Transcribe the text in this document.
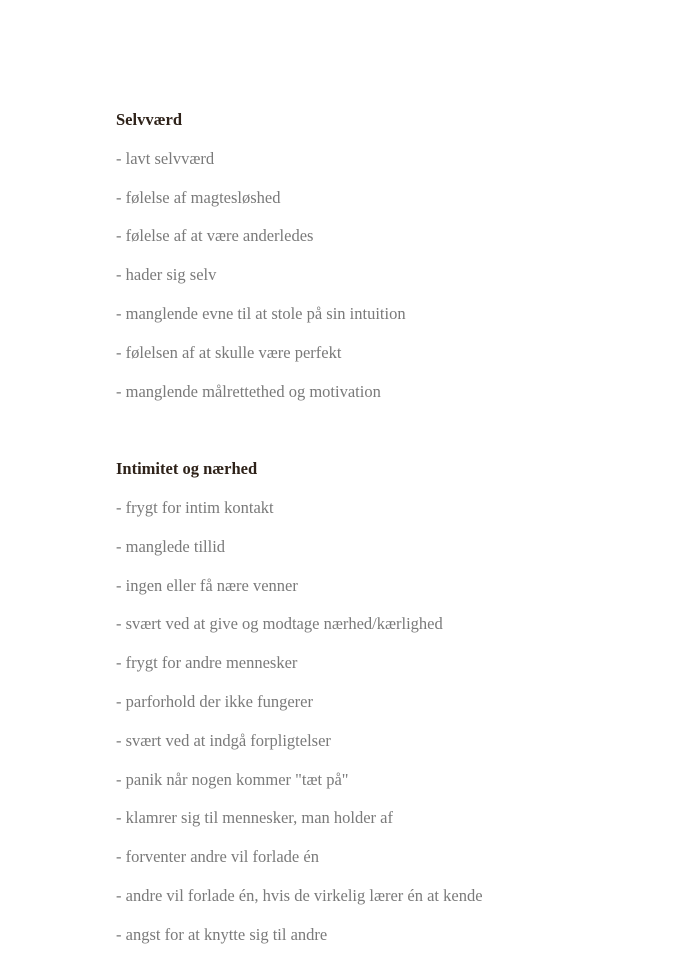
Selvværd
- lavt selvværd
- følelse af magtesløshed
- følelse af at være anderledes
- hader sig selv
- manglende evne til at stole på sin intuition
- følelsen af at skulle være perfekt
- manglende målrettethed og motivation
Intimitet og nærhed
- frygt for intim kontakt
- manglede tillid
- ingen eller få nære venner
- svært ved at give og modtage nærhed/kærlighed
- frygt for andre mennesker
- parforhold der ikke fungerer
- svært ved at indgå forpligtelser
- panik når nogen kommer "tæt på"
- klamrer sig til mennesker, man holder af
- forventer andre vil forlade én
- andre vil forlade én, hvis de virkelig lærer én at kende
- angst for at knytte sig til andre
